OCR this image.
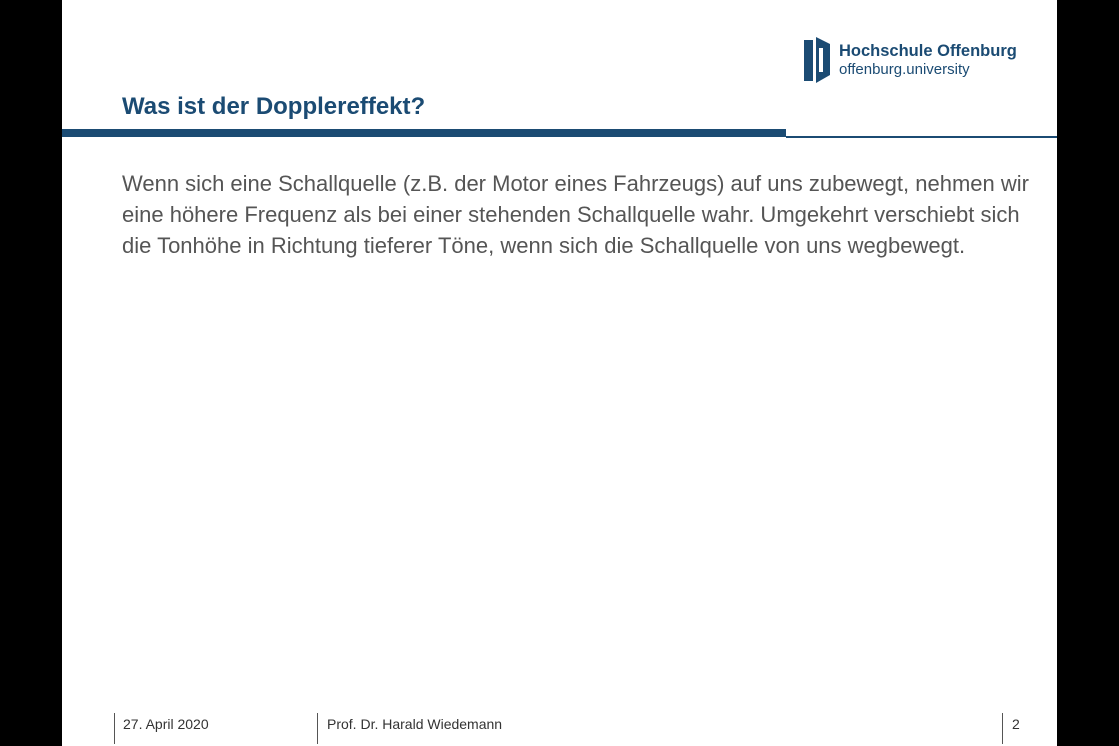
Hochschule Offenburg
offenburg.university
Was ist der Dopplereffekt?

Wenn sich eine Schallquelle (z.B. der Motor eines Fahrzeugs) auf uns zubewegt, nehmen wir eine höhere Frequenz als bei einer stehenden Schallquelle wahr. Umgekehrt verschiebt sich die Tonhöhe in Richtung tieferer Töne, wenn sich die Schallquelle von uns wegbewegt.

27. April 2020	Prof. Dr. Harald Wiedemann	2
